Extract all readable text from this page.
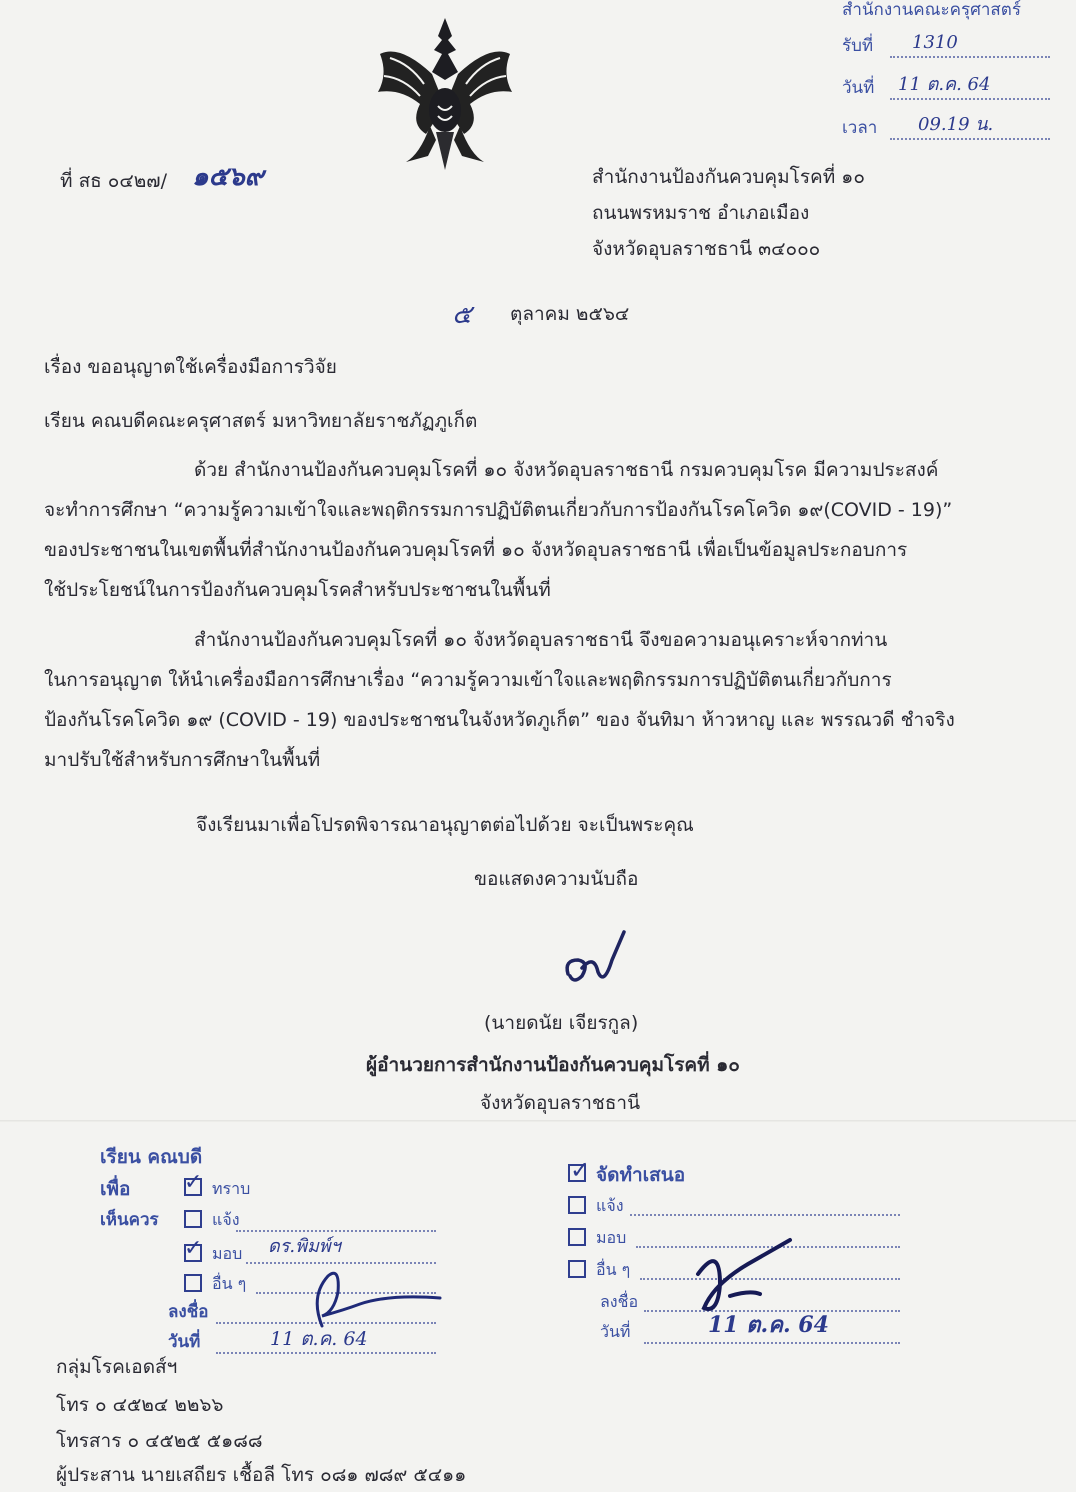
สำนักงานคณะครุศาสตร์
รับที่ 1310
วันที่ 11 ต.ค. 64
เวลา 09.19 น.
ที่ สธ ๐๔๒๗/ ๑๕๖๙	สำนักงานป้องกันควบคุมโรคที่ ๑๐
ถนนพรหมราช อำเภอเมือง
จังหวัดอุบลราชธานี ๓๔๐๐๐
๕ ตุลาคม ๒๕๖๔
เรื่อง ขออนุญาตใช้เครื่องมือการวิจัย
เรียน คณบดีคณะครุศาสตร์ มหาวิทยาลัยราชภัฏภูเก็ต
ด้วย สำนักงานป้องกันควบคุมโรคที่ ๑๐ จังหวัดอุบลราชธานี กรมควบคุมโรค มีความประสงค์
จะทำการศึกษา “ความรู้ความเข้าใจและพฤติกรรมการปฏิบัติตนเกี่ยวกับการป้องกันโรคโควิด ๑๙(COVID - 19)”
ของประชาชนในเขตพื้นที่สำนักงานป้องกันควบคุมโรคที่ ๑๐ จังหวัดอุบลราชธานี เพื่อเป็นข้อมูลประกอบการ
ใช้ประโยชน์ในการป้องกันควบคุมโรคสำหรับประชาชนในพื้นที่
สำนักงานป้องกันควบคุมโรคที่ ๑๐ จังหวัดอุบลราชธานี จึงขอความอนุเคราะห์จากท่าน
ในการอนุญาต ให้นำเครื่องมือการศึกษาเรื่อง “ความรู้ความเข้าใจและพฤติกรรมการปฏิบัติตนเกี่ยวกับการ
ป้องกันโรคโควิด ๑๙ (COVID - 19) ของประชาชนในจังหวัดภูเก็ต” ของ จันทิมา ห้าวหาญ และ พรรณวดี ชำจริง
มาปรับใช้สำหรับการศึกษาในพื้นที่
จึงเรียนมาเพื่อโปรดพิจารณาอนุญาตต่อไปด้วย จะเป็นพระคุณ
ขอแสดงความนับถือ
(นายดนัย เจียรกูล)
ผู้อำนวยการสำนักงานป้องกันควบคุมโรคที่ ๑๐
จังหวัดอุบลราชธานี
เรียน คณบดี
เพื่อ ✓ ทราบ
เห็นควร	แจ้ง
✓ มอบ ดร.พิมพ์ฯ
อื่น ๆ
ลงชื่อ
วันที่	11 ต.ค. 64
✓ จัดทำเสนอ
แจ้ง
มอบ
อื่น ๆ
ลงชื่อ
วันที่	11 ต.ค. 64
กลุ่มโรคเอดส์ฯ
โทร ๐ ๔๕๒๔ ๒๒๖๖
โทรสาร ๐ ๔๕๒๕ ๕๑๘๘
ผู้ประสาน นายเสถียร เชื้อลี โทร ๐๘๑ ๗๘๙ ๕๔๑๑
